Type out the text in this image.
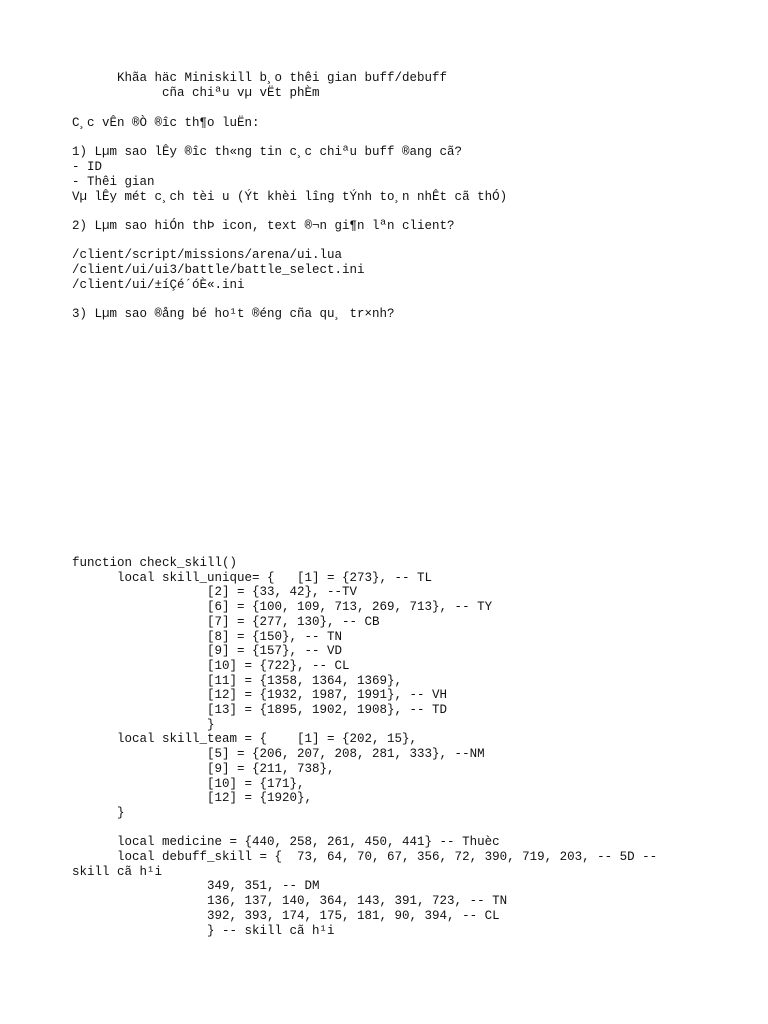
Khãa häc Miniskill b¸o thêi gian buff/debuff
cña chiªu vµ vËt phÈm
C¸c vÊn ®Ò ®îc th¶o luËn:

1) Lµm sao lÊy ®îc th«ng tin c¸c chiªu buff ®ang cã?
- ID
- Thêi gian
Vµ lÊy mét c¸ch tèi u (Ýt khèi lîng tÝnh to¸n nhÊt cã thÓ)

2) Lµm sao hiÓn thÞ icon, text ®¬n gi¶n lªn client?

/client/script/missions/arena/ui.lua
/client/ui/ui3/battle/battle_select.ini
/client/ui/±íÇé´óÈ«.ini

3) Lµm sao ®ång bé ho¹t ®éng cña qu¸ tr×nh?
function check_skill()
local skill_unique= {   [1] = {273}, -- TL
[2] = {33, 42}, --TV
[6] = {100, 109, 713, 269, 713}, -- TY
[7] = {277, 130}, -- CB
[8] = {150}, -- TN
[9] = {157}, -- VD
[10] = {722}, -- CL
[11] = {1358, 1364, 1369},
[12] = {1932, 1987, 1991}, -- VH
[13] = {1895, 1902, 1908}, -- TD
}
local skill_team = {    [1] = {202, 15},
[5] = {206, 207, 208, 281, 333}, --NM
[9] = {211, 738},
[10] = {171},
[12] = {1920},
}

local medicine = {440, 258, 261, 450, 441} -- Thuèc
local debuff_skill = {  73, 64, 70, 67, 356, 72, 390, 719, 203, -- 5D --
skill cã h¹i
349, 351, -- DM
136, 137, 140, 364, 143, 391, 723, -- TN
392, 393, 174, 175, 181, 90, 394, -- CL
} -- skill cã h¹i
